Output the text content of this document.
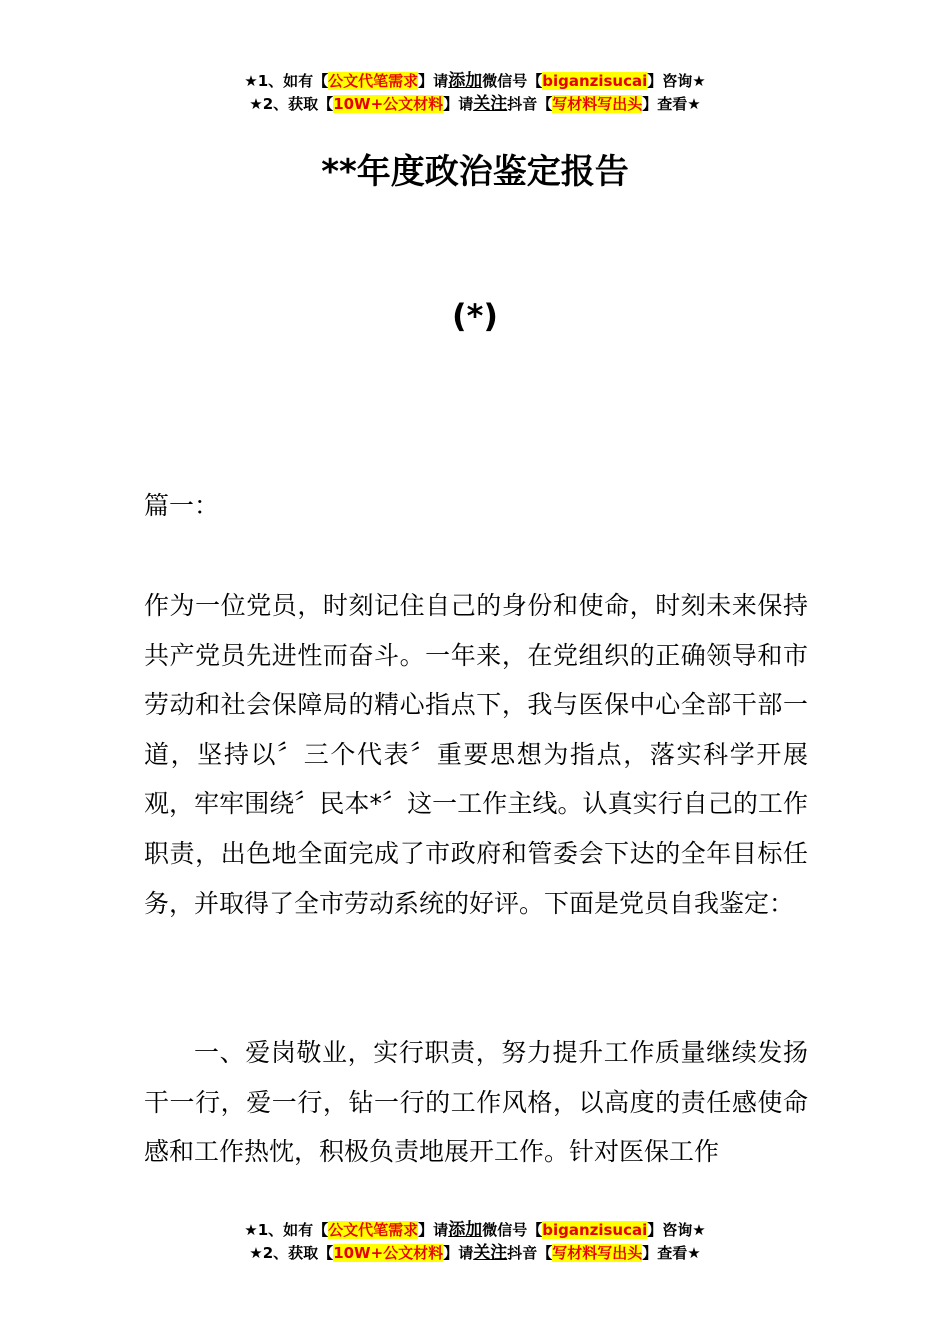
★1、如有【公文代笔需求】请添加微信号【biganzisucai】咨询★
★2、获取【10W+公文材料】请关注抖音【写材料写出头】查看★
**年度政治鉴定报告
(*)

篇一：

作为一位党员，时刻记住自己的身份和使命，时刻未来保持共产党员先进性而奋斗。一年来，在党组织的正确领导和市劳动和社会保障局的精心指点下，我与医保中心全部干部一道，坚持以〞三个代表〞重要思想为指点，落实科学开展观，牢牢围绕〞民本*〞这一工作主线。认真实行自己的工作职责，出色地全面完成了市政府和管委会下达的全年目标任务，并取得了全市劳动系统的好评。下面是党员自我鉴定：

一、爱岗敬业，实行职责，努力提升工作质量继续发扬干一行，爱一行，钻一行的工作风格，以高度的责任感使命感和工作热忱，积极负责地展开工作。针对医保工作

★1、如有【公文代笔需求】请添加微信号【biganzisucai】咨询★
★2、获取【10W+公文材料】请关注抖音【写材料写出头】查看★
